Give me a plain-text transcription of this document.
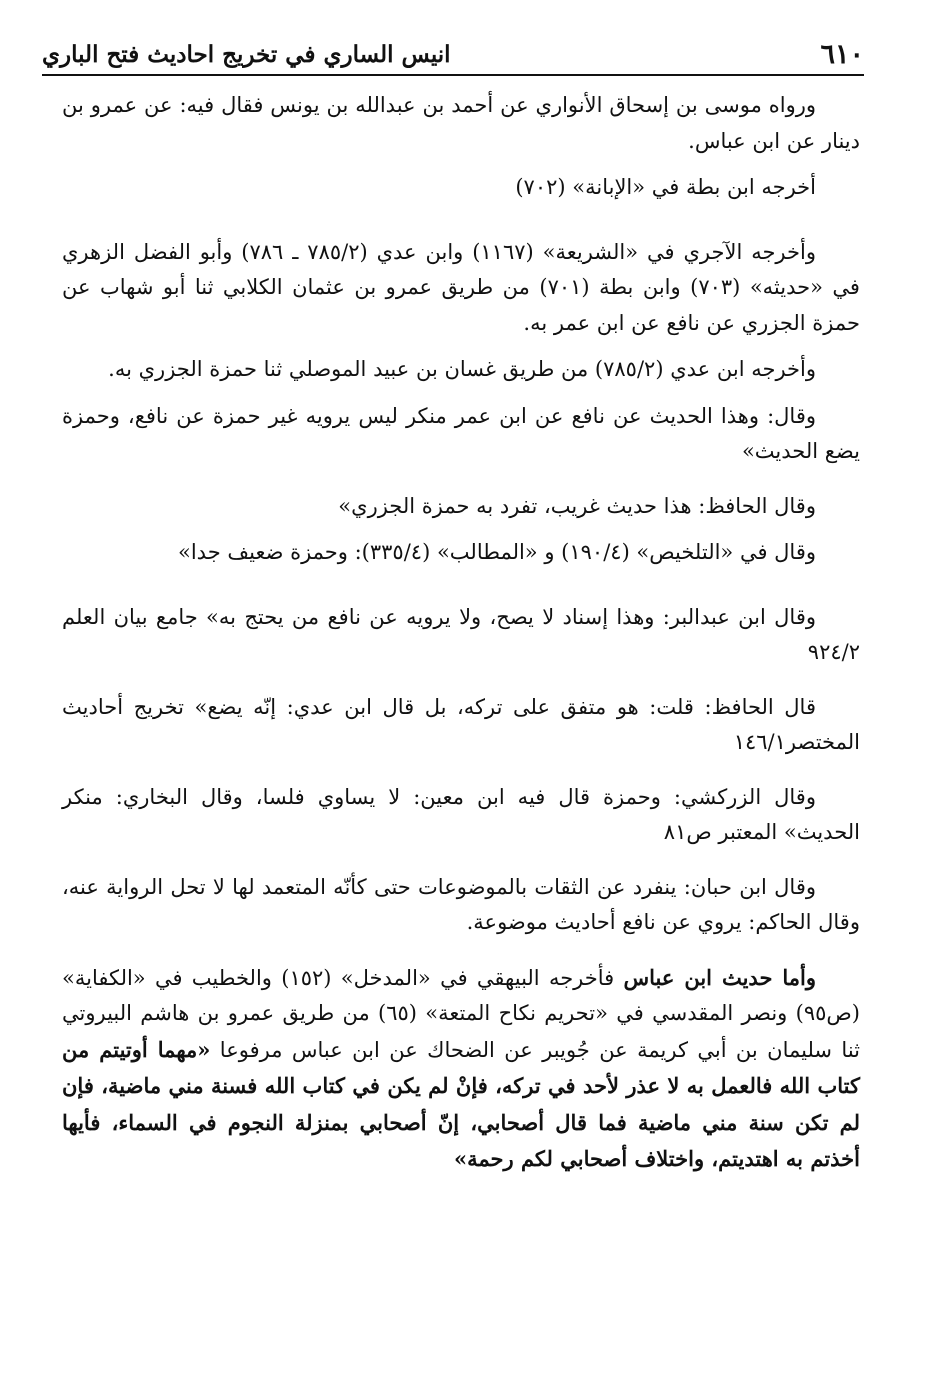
٦١٠
انيس الساري في تخريج احاديث فتح الباري

ورواه موسى بن إسحاق الأنواري عن أحمد بن عبدالله بن يونس فقال فيه: عن عمرو بن دينار عن ابن عباس.

أخرجه ابن بطة في «الإبانة» (٧٠٢)

وأخرجه الآجري في «الشريعة» (١١٦٧) وابن عدي (٧٨٥/٢ ـ ٧٨٦) وأبو الفضل الزهري في «حديثه» (٧٠٣) وابن بطة (٧٠١) من طريق عمرو بن عثمان الكلابي ثنا أبو شهاب عن حمزة الجزري عن نافع عن ابن عمر به.

وأخرجه ابن عدي (٧٨٥/٢) من طريق غسان بن عبيد الموصلي ثنا حمزة الجزري به.

وقال: وهذا الحديث عن نافع عن ابن عمر منكر ليس يرويه غير حمزة عن نافع، وحمزة يضع الحديث»

وقال الحافظ: هذا حديث غريب، تفرد به حمزة الجزري»

وقال في «التلخيص» (١٩٠/٤) و «المطالب» (٣٣٥/٤): وحمزة ضعيف جدا»

وقال ابن عبدالبر: وهذا إسناد لا يصح، ولا يرويه عن نافع من يحتج به» جامع بيان العلم ٩٢٤/٢

قال الحافظ: قلت: هو متفق على تركه، بل قال ابن عدي: إنّه يضع» تخريج أحاديث المختصر١٤٦/١

وقال الزركشي: وحمزة قال فيه ابن معين: لا يساوي فلسا، وقال البخاري: منكر الحديث» المعتبر ص٨١

وقال ابن حبان: ينفرد عن الثقات بالموضوعات حتى كأنّه المتعمد لها لا تحل الرواية عنه، وقال الحاكم: يروي عن نافع أحاديث موضوعة.

وأما حديث ابن عباس فأخرجه البيهقي في «المدخل» (١٥٢) والخطيب في «الكفاية» (ص٩٥) ونصر المقدسي في «تحريم نكاح المتعة» (٦٥) من طريق عمرو بن هاشم البيروتي ثنا سليمان بن أبي كريمة عن جُويبر عن الضحاك عن ابن عباس مرفوعا «مهما أوتيتم من كتاب الله فالعمل به لا عذر لأحد في تركه، فإنْ لم يكن في كتاب الله فسنة مني ماضية، فإن لم تكن سنة مني ماضية فما قال أصحابي، إنّ أصحابي بمنزلة النجوم في السماء، فأيها أخذتم به اهتديتم، واختلاف أصحابي لكم رحمة»
